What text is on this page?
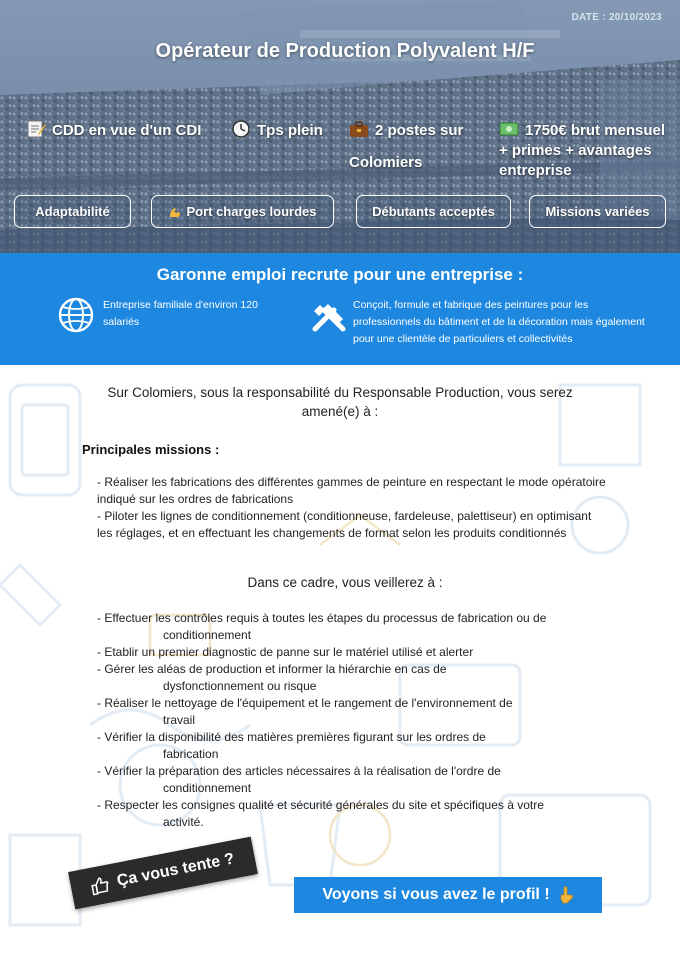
DATE : 20/10/2023
Opérateur de Production Polyvalent H/F
CDD en vue d'un CDI	Tps plein	2 postes sur Colomiers
1750€ brut mensuel + primes + avantages entreprise
Adaptabilité	Port charges lourdes	Débutants acceptés	Missions variées
Garonne emploi recrute pour une entreprise :
Entreprise familiale d'environ 120 salariés
Conçoit, formule et fabrique des peintures pour les professionnels du bâtiment et de la décoration mais également pour une clientèle de particuliers et collectivités
Sur Colomiers, sous la responsabilité du Responsable Production, vous serez amené(e) à :
Principales missions :

- Réaliser les fabrications des différentes gammes de peinture en respectant le mode opératoire indiqué sur les ordres de fabrications

- Piloter les lignes de conditionnement (conditionneuse, fardeleuse, palettiseur) en optimisant les réglages, et en effectuant les changements de format selon les produits conditionnés

Dans ce cadre, vous veillerez à :
- Effectuer les contrôles requis à toutes les étapes du processus de fabrication ou de
conditionnement
- Etablir un premier diagnostic de panne sur le matériel utilisé et alerter
- Gérer les aléas de production et informer la hiérarchie en cas de
dysfonctionnement ou risque
- Réaliser le nettoyage de l'équipement et le rangement de l'environnement de
travail
- Vérifier la disponibilité des matières premières figurant sur les ordres de
fabrication
- Vérifier la préparation des articles nécessaires à la réalisation de l'ordre de
conditionnement
- Respecter les consignes qualité et sécurité générales du site et spécifiques à votre
activité.
Ça vous tente ?
Voyons si vous avez le profil !
